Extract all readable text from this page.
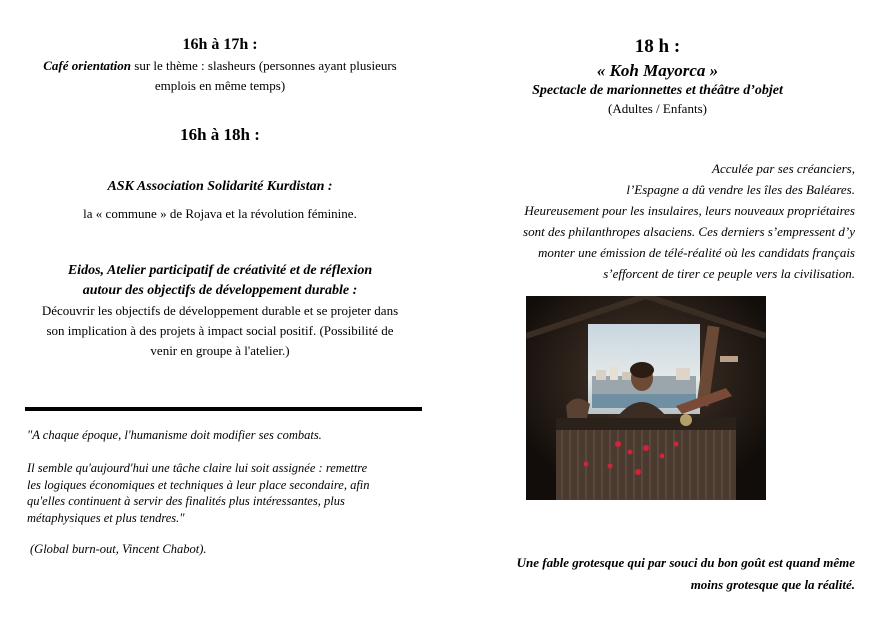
16h à 17h :
Café orientation sur le thème : slasheurs (personnes ayant plusieurs
emplois en même temps)
16h à 18h :
ASK Association Solidarité Kurdistan :
la « commune » de Rojava et la révolution féminine.
Eidos, Atelier participatif de créativité et de réflexion
autour des objectifs de développement durable :
Découvrir les objectifs de développement durable et se projeter dans
son implication à des projets à impact social positif. (Possibilité de
venir en groupe à l'atelier.)
"A chaque époque, l'humanisme doit modifier ses combats.
Il semble qu'aujourd'hui une tâche claire lui soit assignée : remettre
les logiques économiques et techniques à leur place secondaire, afin
qu'elles continuent à servir des finalités plus intéressantes, plus
métaphysiques et plus tendres."
(Global burn-out, Vincent Chabot).
18 h :
« Koh Mayorca »
Spectacle de marionnettes et théâtre d’objet
(Adultes / Enfants)
Acculée par ses créanciers,
l’Espagne a dû vendre les îles des Baléares.
Heureusement pour les insulaires, leurs nouveaux propriétaires
sont des philanthropes alsaciens. Ces derniers s’empressent d’y
monter une émission de télé-réalité où les candidats français
s’efforcent de tirer ce peuple vers la civilisation.
Une fable grotesque qui par souci du bon goût est quand même
moins grotesque que la réalité.
